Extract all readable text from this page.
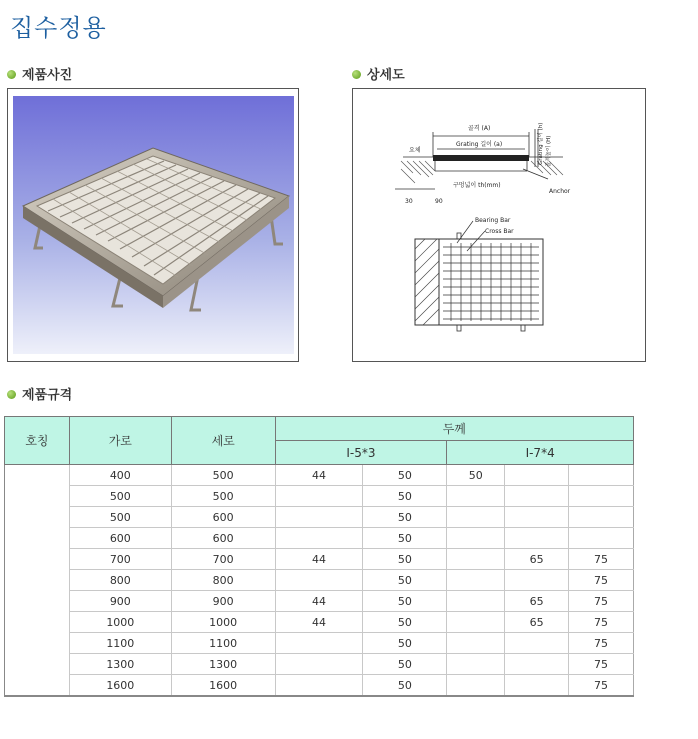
집수정용
제품사진	상세도
골격 (A)
Grating 길이 (a)
요체
구멍넓이 th(mm)
Anchor
30	90
Grating 길이 (h) 골격높이 (H)
Bearing Bar
Cross Bar
제품규격
호칭	가로	세로	두께				
			I-5*3		I-7*4		
	400	500	44	50	50		
	500	500		50			
	500	600		50			
	600	600		50			
	700	700	44	50		65	75
	800	800		50			75
	900	900	44	50		65	75
	1000	1000	44	50		65	75
	1100	1100		50			75
	1300	1300		50			75
	1600	1600		50			75
